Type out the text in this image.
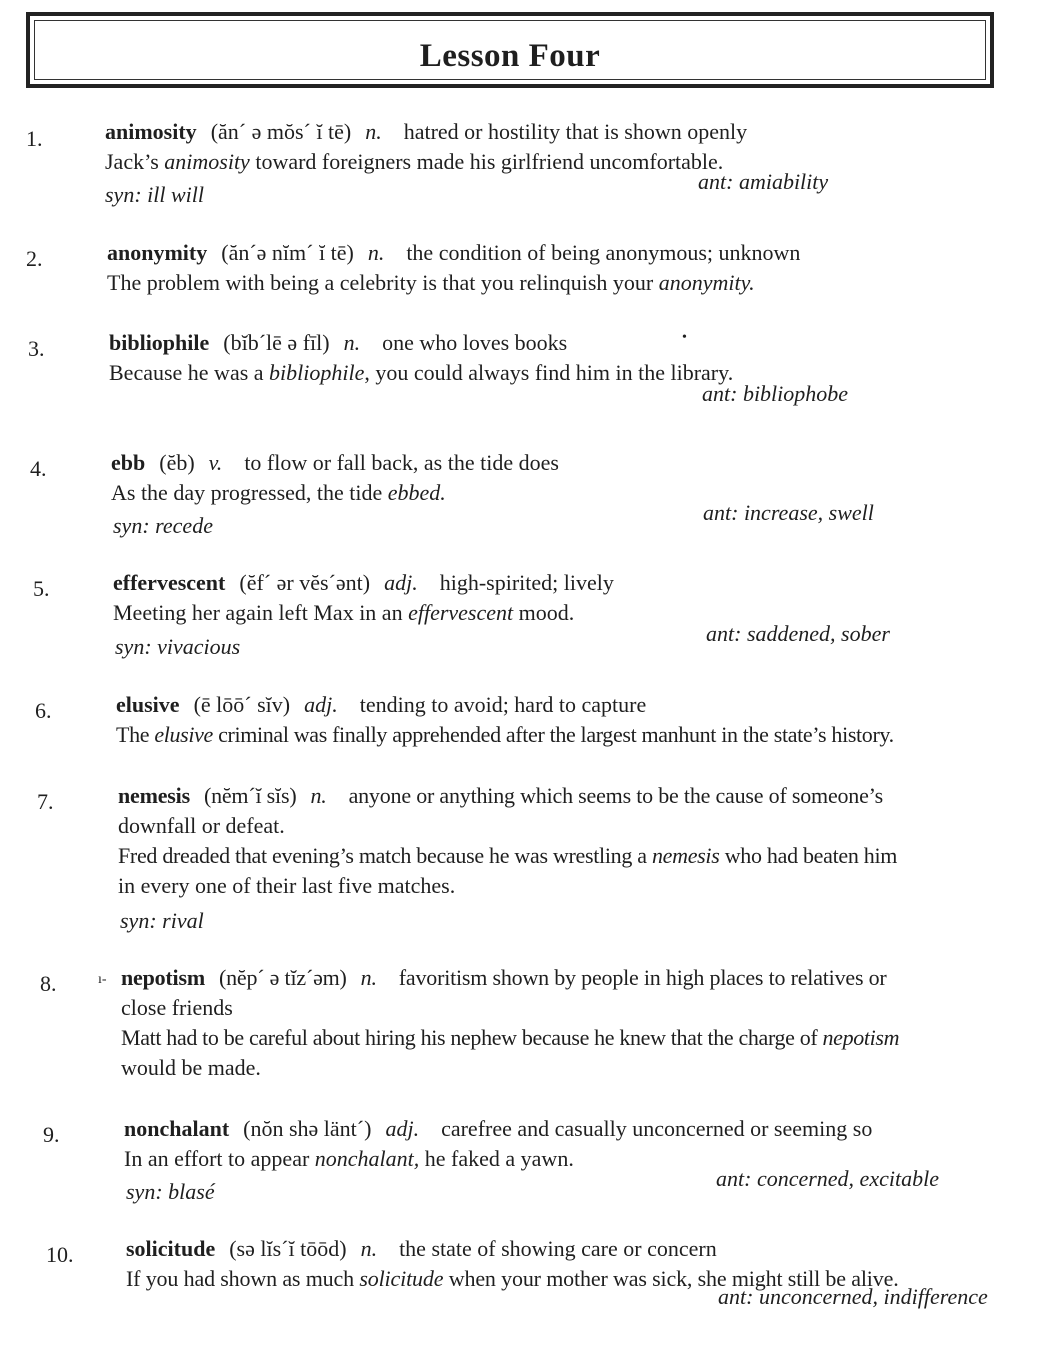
Lesson Four
1.	animosity (ăn´ ə mŏs´ ĭ tē) n. hatred or hostility that is shown openly
Jack’s animosity toward foreigners made his girlfriend uncomfortable.
syn: ill will
ant: amiability
2.	anonymity (ăn´ə nĭm´ ĭ tē) n. the condition of being anonymous; unknown
The problem with being a celebrity is that you relinquish your anonymity.
3.	bibliophile (bĭb´lē ə fīl) n. one who loves books
Because he was a bibliophile, you could always find him in the library.
•
ant: bibliophobe
4.	ebb (ĕb) v. to flow or fall back, as the tide does
As the day progressed, the tide ebbed.
syn: recede
ant: increase, swell
5.	effervescent (ĕf´ ər vĕs´ənt) adj. high-spirited; lively
Meeting her again left Max in an effervescent mood.
syn: vivacious
ant: saddened, sober
6.	elusive (ē lōō´ sĭv) adj. tending to avoid; hard to capture
The elusive criminal was finally apprehended after the largest manhunt in the state’s history.
7.	nemesis (nĕm´ĭ sĭs) n. anyone or anything which seems to be the cause of someone’s
downfall or defeat.
Fred dreaded that evening’s match because he was wrestling a nemesis who had beaten him
in every one of their last five matches.
syn: rival
8.	ı- nepotism (nĕp´ ə tĭz´əm) n. favoritism shown by people in high places to relatives or
close friends
Matt had to be careful about hiring his nephew because he knew that the charge of nepotism
would be made.
9.	nonchalant (nŏn shə länt´) adj. carefree and casually unconcerned or seeming so
In an effort to appear nonchalant, he faked a yawn.
syn: blasé
ant: concerned, excitable
10. solicitude (sə lĭs´ĭ tōōd) n. the state of showing care or concern
If you had shown as much solicitude when your mother was sick, she might still be alive.
ant: unconcerned, indifference
